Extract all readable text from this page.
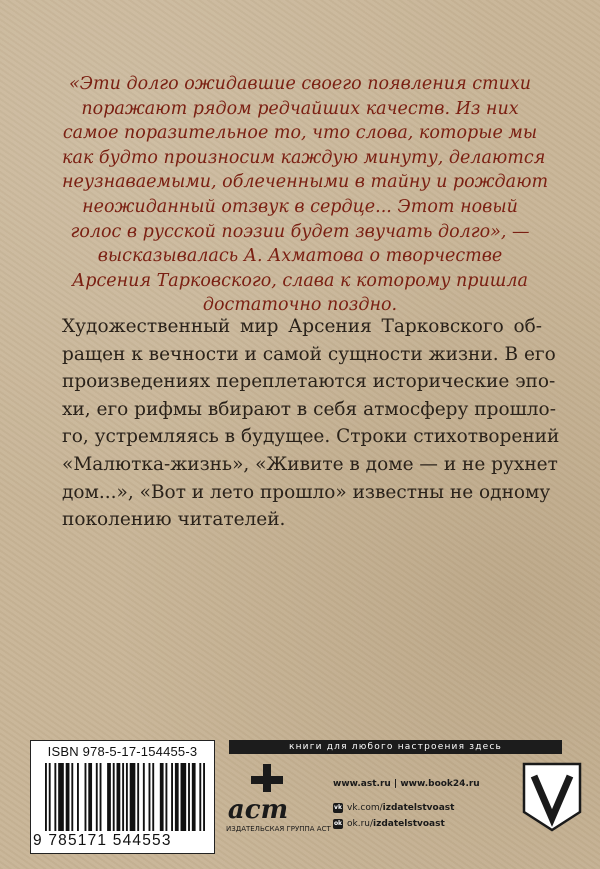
«Эти долго ожидавшие своего появления стихи
поражают рядом редчайших качеств. Из них
самое поразительное то, что слова, которые мы
как будто произносим каждую минуту, делаются
неузнаваемыми, облеченными в тайну и рождают
неожиданный отзвук в сердце... Этот новый
голос в русской поэзии будет звучать долго», —
высказывалась А. Ахматова о творчестве
Арсения Тарковского, слава к которому пришла
достаточно поздно.
Художественный мир Арсения Тарковского об-
ращен к вечности и самой сущности жизни. В его
произведениях переплетаются исторические эпо-
хи, его рифмы вбирают в себя атмосферу прошло-
го, устремляясь в будущее. Строки стихотворений
«Малютка-жизнь», «Живите в доме — и не рухнет
дом...», «Вот и лето прошло» известны не одному
поколению читателей.
ISBN 978-5-17-154455-3
9 785171 544553
книги для любого настроения здесь
аст
ИЗДАТЕЛЬСКАЯ ГРУППА АСТ
www.ast.ru | www.book24.ru
vk vk.com/ izdatelstvoast
ok ok.ru/ izdatelstvoast
